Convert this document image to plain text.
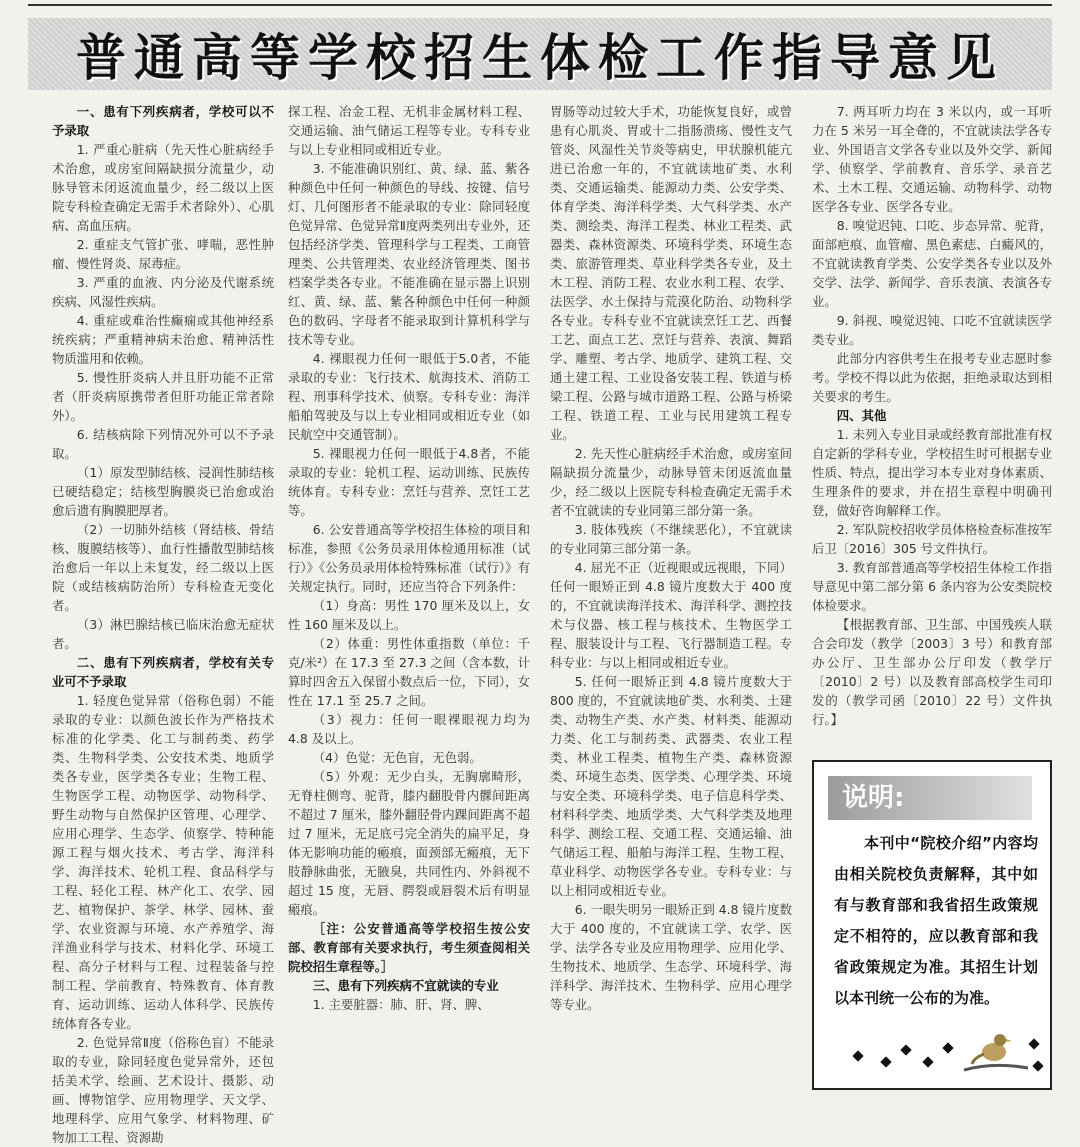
普通高等学校招生体检工作指导意见

一、患有下列疾病者，学校可以不予录取

1. 严重心脏病（先天性心脏病经手术治愈，或房室间隔缺损分流量少，动脉导管未闭返流血量少，经二级以上医院专科检查确定无需手术者除外）、心肌病、高血压病。

2. 重症支气管扩张、哮喘，恶性肿瘤、慢性肾炎、尿毒症。

3. 严重的血液、内分泌及代谢系统疾病、风湿性疾病。

4. 重症或难治性癫痫或其他神经系统疾病；严重精神病未治愈、精神活性物质滥用和依赖。

5. 慢性肝炎病人并且肝功能不正常者（肝炎病原携带者但肝功能正常者除外）。

6. 结核病除下列情况外可以不予录取。

（1）原发型肺结核、浸润性肺结核已硬结稳定；结核型胸膜炎已治愈或治愈后遗有胸膜肥厚者。

（2）一切肺外结核（肾结核、骨结核、腹膜结核等）、血行性播散型肺结核治愈后一年以上未复发，经二级以上医院（或结核病防治所）专科检查无变化者。

（3）淋巴腺结核已临床治愈无症状者。

二、患有下列疾病者，学校有关专业可不予录取

1. 轻度色觉异常（俗称色弱）不能录取的专业：以颜色波长作为严格技术标准的化学类、化工与制药类、药学类、生物科学类、公安技术类、地质学类各专业，医学类各专业；生物工程、生物医学工程、动物医学、动物科学、野生动物与自然保护区管理、心理学、应用心理学、生态学、侦察学、特种能源工程与烟火技术、考古学、海洋科学、海洋技术、轮机工程、食品科学与工程、轻化工程、林产化工、农学、园艺、植物保护、茶学、林学、园林、蚕学、农业资源与环境、水产养殖学、海洋渔业科学与技术、材料化学、环境工程、高分子材料与工程、过程装备与控制工程、学前教育、特殊教育、体育教育、运动训练、运动人体科学、民族传统体育各专业。

2. 色觉异常Ⅱ度（俗称色盲）不能录取的专业，除同轻度色觉异常外，还包括美术学、绘画、艺术设计、摄影、动画、博物馆学、应用物理学、天文学、地理科学、应用气象学、材料物理、矿物加工工程、资源勘

探工程、冶金工程、无机非金属材料工程、交通运输、油气储运工程等专业。专科专业与以上专业相同或相近专业。

3. 不能准确识别红、黄、绿、蓝、紫各种颜色中任何一种颜色的导线、按键、信号灯、几何图形者不能录取的专业：除同轻度色觉异常、色觉异常Ⅱ度两类列出专业外，还包括经济学类、管理科学与工程类、工商管理类、公共管理类、农业经济管理类、图书档案学类各专业。不能准确在显示器上识别红、黄、绿、蓝、紫各种颜色中任何一种颜色的数码、字母者不能录取到计算机科学与技术等专业。

4. 裸眼视力任何一眼低于5.0者，不能录取的专业：飞行技术、航海技术、消防工程、刑事科学技术、侦察。专科专业：海洋船舶驾驶及与以上专业相同或相近专业（如民航空中交通管制）。

5. 裸眼视力任何一眼低于4.8者，不能录取的专业：轮机工程、运动训练、民族传统体育。专科专业：烹饪与营养、烹饪工艺等。

6. 公安普通高等学校招生体检的项目和标准，参照《公务员录用体检通用标准（试行）》《公务员录用体检特殊标准（试行）》有关规定执行。同时，还应当符合下列条件：

（1）身高：男性 170 厘米及以上，女性 160 厘米及以上。

（2）体重：男性体重指数（单位：千克/米²）在 17.3 至 27.3 之间（含本数，计算时四舍五入保留小数点后一位，下同），女性在 17.1 至 25.7 之间。

（3）视力：任何一眼裸眼视力均为 4.8 及以上。

（4）色觉：无色盲，无色弱。

（5）外观：无少白头，无胸廓畸形，无脊柱侧弯、驼背，膝内翻股骨内髁间距离不超过 7 厘米，膝外翻胫骨内踝间距离不超过 7 厘米，无足底弓完全消失的扁平足，身体无影响功能的瘢痕，面颈部无瘢痕，无下肢静脉曲张，无腋臭，共同性内、外斜视不超过 15 度，无唇、腭裂或唇裂术后有明显瘢痕。

［注：公安普通高等学校招生按公安部、教育部有关要求执行，考生须查阅相关院校招生章程等。］

三、患有下列疾病不宜就读的专业

1. 主要脏器：肺、肝、肾、脾、

胃肠等动过较大手术，功能恢复良好，或曾患有心肌炎、胃或十二指肠溃疡、慢性支气管炎、风湿性关节炎等病史，甲状腺机能亢进已治愈一年的，不宜就读地矿类、水利类、交通运输类、能源动力类、公安学类、体育学类、海洋科学类、大气科学类、水产类、测绘类、海洋工程类、林业工程类、武器类、森林资源类、环境科学类、环境生态类、旅游管理类、草业科学类各专业，及土木工程、消防工程、农业水利工程、农学、法医学、水土保持与荒漠化防治、动物科学各专业。专科专业不宜就读烹饪工艺、西餐工艺、面点工艺、烹饪与营养、表演、舞蹈学、雕塑、考古学、地质学、建筑工程、交通土建工程、工业设备安装工程、铁道与桥梁工程、公路与城市道路工程、公路与桥梁工程、铁道工程、工业与民用建筑工程专业。

2. 先天性心脏病经手术治愈，或房室间隔缺损分流量少，动脉导管未闭返流血量少，经二级以上医院专科检查确定无需手术者不宜就读的专业同第三部分第一条。

3. 肢体残疾（不继续恶化），不宜就读的专业同第三部分第一条。

4. 屈光不正（近视眼或远视眼，下同）任何一眼矫正到 4.8 镜片度数大于 400 度的，不宜就读海洋技术、海洋科学、测控技术与仪器、核工程与核技术、生物医学工程、服装设计与工程、飞行器制造工程。专科专业：与以上相同或相近专业。

5. 任何一眼矫正到 4.8 镜片度数大于 800 度的，不宜就读地矿类、水利类、土建类、动物生产类、水产类、材料类、能源动力类、化工与制药类、武器类、农业工程类、林业工程类、植物生产类、森林资源类、环境生态类、医学类、心理学类、环境与安全类、环境科学类、电子信息科学类、材料科学类、地质学类、大气科学类及地理科学、测绘工程、交通工程、交通运输、油气储运工程、船舶与海洋工程、生物工程、草业科学、动物医学各专业。专科专业：与以上相同或相近专业。

6. 一眼失明另一眼矫正到 4.8 镜片度数大于 400 度的，不宜就读工学、农学、医学、法学各专业及应用物理学、应用化学、生物技术、地质学、生态学、环境科学、海洋科学、海洋技术、生物科学、应用心理学等专业。

7. 两耳听力均在 3 米以内，或一耳听力在 5 米另一耳全聋的，不宜就读法学各专业、外国语言文学各专业以及外交学、新闻学、侦察学、学前教育、音乐学、录音艺术、土木工程、交通运输、动物科学、动物医学各专业、医学各专业。

8. 嗅觉迟钝、口吃、步态异常、驼背，面部疤痕、血管瘤、黑色素痣、白癜风的，不宜就读教育学类、公安学类各专业以及外交学、法学、新闻学、音乐表演、表演各专业。

9. 斜视、嗅觉迟钝、口吃不宜就读医学类专业。

此部分内容供考生在报考专业志愿时参考。学校不得以此为依据，拒绝录取达到相关要求的考生。

四、其他

1. 未列入专业目录或经教育部批准有权自定新的学科专业，学校招生时可根据专业性质、特点，提出学习本专业对身体素质、生理条件的要求，并在招生章程中明确刊登，做好咨询解释工作。

2. 军队院校招收学员体格检查标准按军后卫〔2016〕305 号文件执行。

3. 教育部普通高等学校招生体检工作指导意见中第二部分第 6 条内容为公安类院校体检要求。

【根据教育部、卫生部、中国残疾人联合会印发（教学〔2003〕3 号）和教育部办公厅、卫生部办公厅印发（教学厅〔2010〕2 号）以及教育部高校学生司印发的（教学司函〔2010〕22 号）文件执行。】

说明:
本刊中“院校介绍”内容均由相关院校负责解释，其中如有与教育部和我省招生政策规定不相符的，应以教育部和我省政策规定为准。其招生计划以本刊统一公布的为准。
